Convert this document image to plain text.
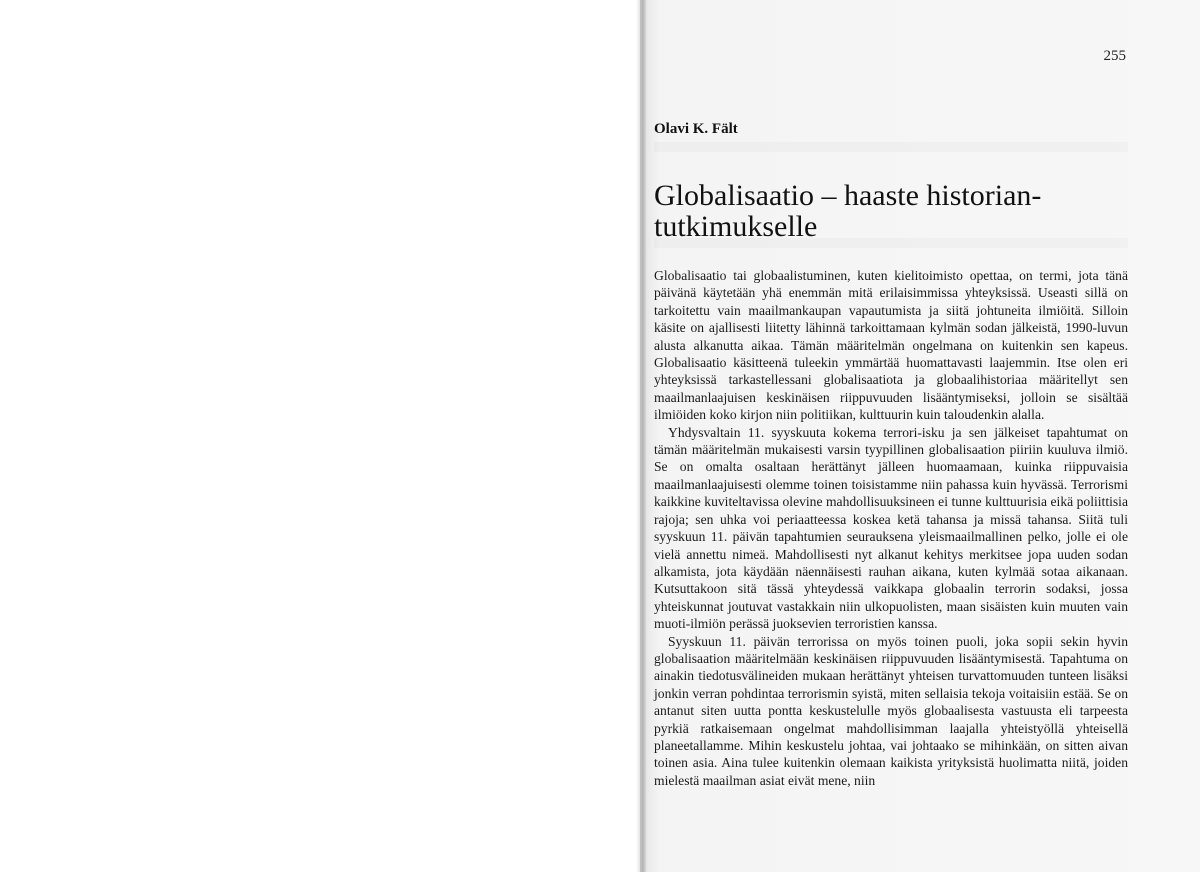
255
Olavi K. Fält
Globalisaatio – haaste historian-tutkimukselle

Globalisaatio tai globaalistuminen, kuten kielitoimisto opettaa, on termi, jota tänä päivänä käytetään yhä enemmän mitä erilaisimmissa yhteyksissä. Useasti sillä on tarkoitettu vain maailmankaupan vapautumista ja siitä johtuneita ilmiöitä. Silloin käsite on ajallisesti liitetty lähinnä tarkoittamaan kylmän sodan jälkeistä, 1990-luvun alusta alkanutta aikaa. Tämän määritelmän ongelmana on kuitenkin sen kapeus. Globalisaatio käsitteenä tuleekin ymmärtää huomattavasti laajemmin. Itse olen eri yhteyksissä tarkastellessani globalisaatiota ja globaalihistoriaa määritellyt sen maailmanlaajuisen keskinäisen riippuvuuden lisääntymiseksi, jolloin se sisältää ilmiöiden koko kirjon niin politiikan, kulttuurin kuin taloudenkin alalla.

Yhdysvaltain 11. syyskuuta kokema terrori-isku ja sen jälkeiset tapahtumat on tämän määritelmän mukaisesti varsin tyypillinen globalisaation piiriin kuuluva ilmiö. Se on omalta osaltaan herättänyt jälleen huomaamaan, kuinka riippuvaisia maailmanlaajuisesti olemme toinen toisistamme niin pahassa kuin hyvässä. Terrorismi kaikkine kuviteltavissa olevine mahdollisuuksineen ei tunne kulttuurisia eikä poliittisia rajoja; sen uhka voi periaatteessa koskea ketä tahansa ja missä tahansa. Siitä tuli syyskuun 11. päivän tapahtumien seurauksena yleismaailmallinen pelko, jolle ei ole vielä annettu nimeä. Mahdollisesti nyt alkanut kehitys merkitsee jopa uuden sodan alkamista, jota käydään näennäisesti rauhan aikana, kuten kylmää sotaa aikanaan. Kutsuttakoon sitä tässä yhteydessä vaikkapa globaalin terrorin sodaksi, jossa yhteiskunnat joutuvat vastakkain niin ulkopuolisten, maan sisäisten kuin muuten vain muoti-ilmiön perässä juoksevien terroristien kanssa.

Syyskuun 11. päivän terrorissa on myös toinen puoli, joka sopii sekin hyvin globalisaation määritelmään keskinäisen riippuvuuden lisääntymisestä. Tapahtuma on ainakin tiedotusvälineiden mukaan herättänyt yhteisen turvattomuuden tunteen lisäksi jonkin verran pohdintaa terrorismin syistä, miten sellaisia tekoja voitaisiin estää. Se on antanut siten uutta pontta keskustelulle myös globaalisesta vastuusta eli tarpeesta pyrkiä ratkaisemaan ongelmat mahdollisimman laajalla yhteistyöllä yhteisellä planeetallamme. Mihin keskustelu johtaa, vai johtaako se mihinkään, on sitten aivan toinen asia. Aina tulee kuitenkin olemaan kaikista yrityksistä huolimatta niitä, joiden mielestä maailman asiat eivät mene, niin
